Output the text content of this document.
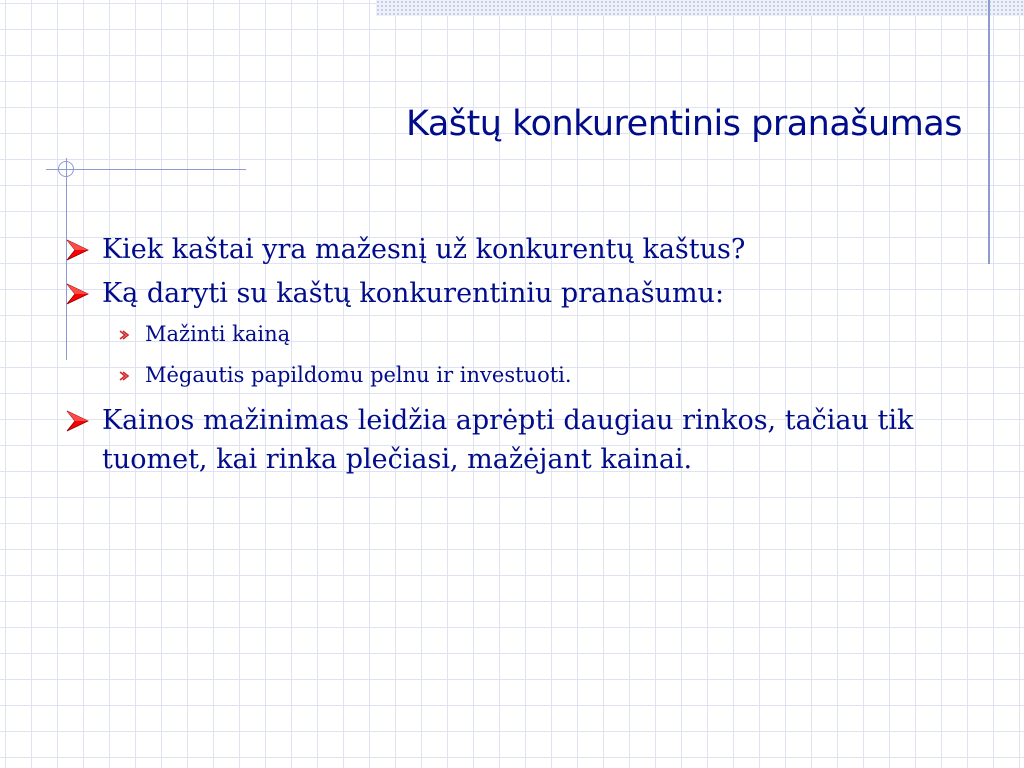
Kaštų konkurentinis pranašumas
Kiek kaštai yra mažesnį už konkurentų kaštus?
Ką daryti su kaštų konkurentiniu pranašumu:
Mažinti kainą
Mėgautis papildomu pelnu ir investuoti.
Kainos mažinimas leidžia aprėpti daugiau rinkos, tačiau tik tuomet, kai rinka plečiasi, mažėjant kainai.
